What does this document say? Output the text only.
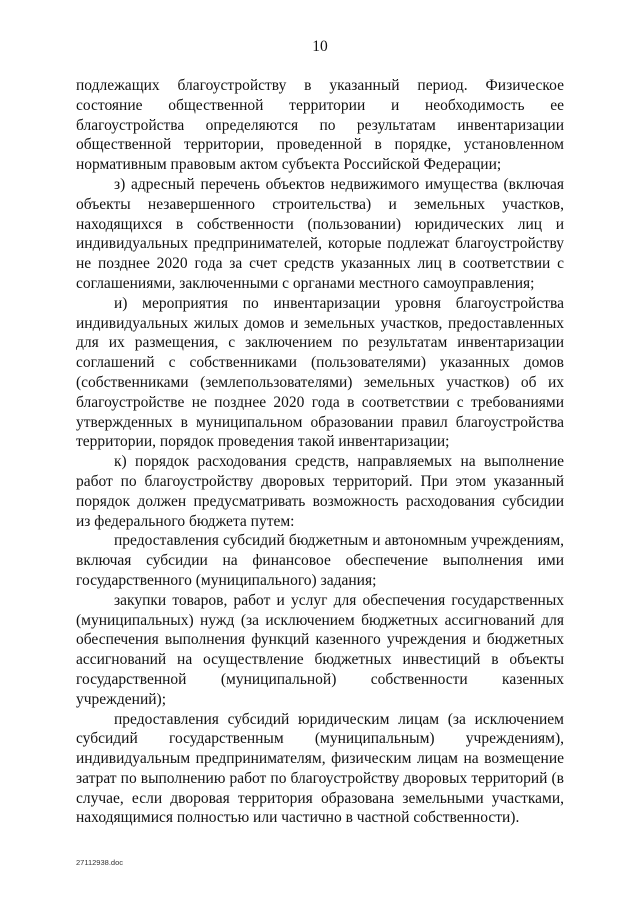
10

подлежащих благоустройству в указанный период. Физическое состояние общественной территории и необходимость ее благоустройства определяются по результатам инвентаризации общественной территории, проведенной в порядке, установленном нормативным правовым актом субъекта Российской Федерации;

з) адресный перечень объектов недвижимого имущества (включая объекты незавершенного строительства) и земельных участков, находящихся в собственности (пользовании) юридических лиц и индивидуальных предпринимателей, которые подлежат благоустройству не позднее 2020 года за счет средств указанных лиц в соответствии с соглашениями, заключенными с органами местного самоуправления;

и) мероприятия по инвентаризации уровня благоустройства индивидуальных жилых домов и земельных участков, предоставленных для их размещения, с заключением по результатам инвентаризации соглашений с собственниками (пользователями) указанных домов (собственниками (землепользователями) земельных участков) об их благоустройстве не позднее 2020 года в соответствии с требованиями утвержденных в муниципальном образовании правил благоустройства территории, порядок проведения такой инвентаризации;

к) порядок расходования средств, направляемых на выполнение работ по благоустройству дворовых территорий. При этом указанный порядок должен предусматривать возможность расходования субсидии из федерального бюджета путем:

предоставления субсидий бюджетным и автономным учреждениям, включая субсидии на финансовое обеспечение выполнения ими государственного (муниципального) задания;

закупки товаров, работ и услуг для обеспечения государственных (муниципальных) нужд (за исключением бюджетных ассигнований для обеспечения выполнения функций казенного учреждения и бюджетных ассигнований на осуществление бюджетных инвестиций в объекты государственной (муниципальной) собственности казенных учреждений);

предоставления субсидий юридическим лицам (за исключением субсидий государственным (муниципальным) учреждениям), индивидуальным предпринимателям, физическим лицам на возмещение затрат по выполнению работ по благоустройству дворовых территорий (в случае, если дворовая территория образована земельными участками, находящимися полностью или частично в частной собственности).

27112938.doc
